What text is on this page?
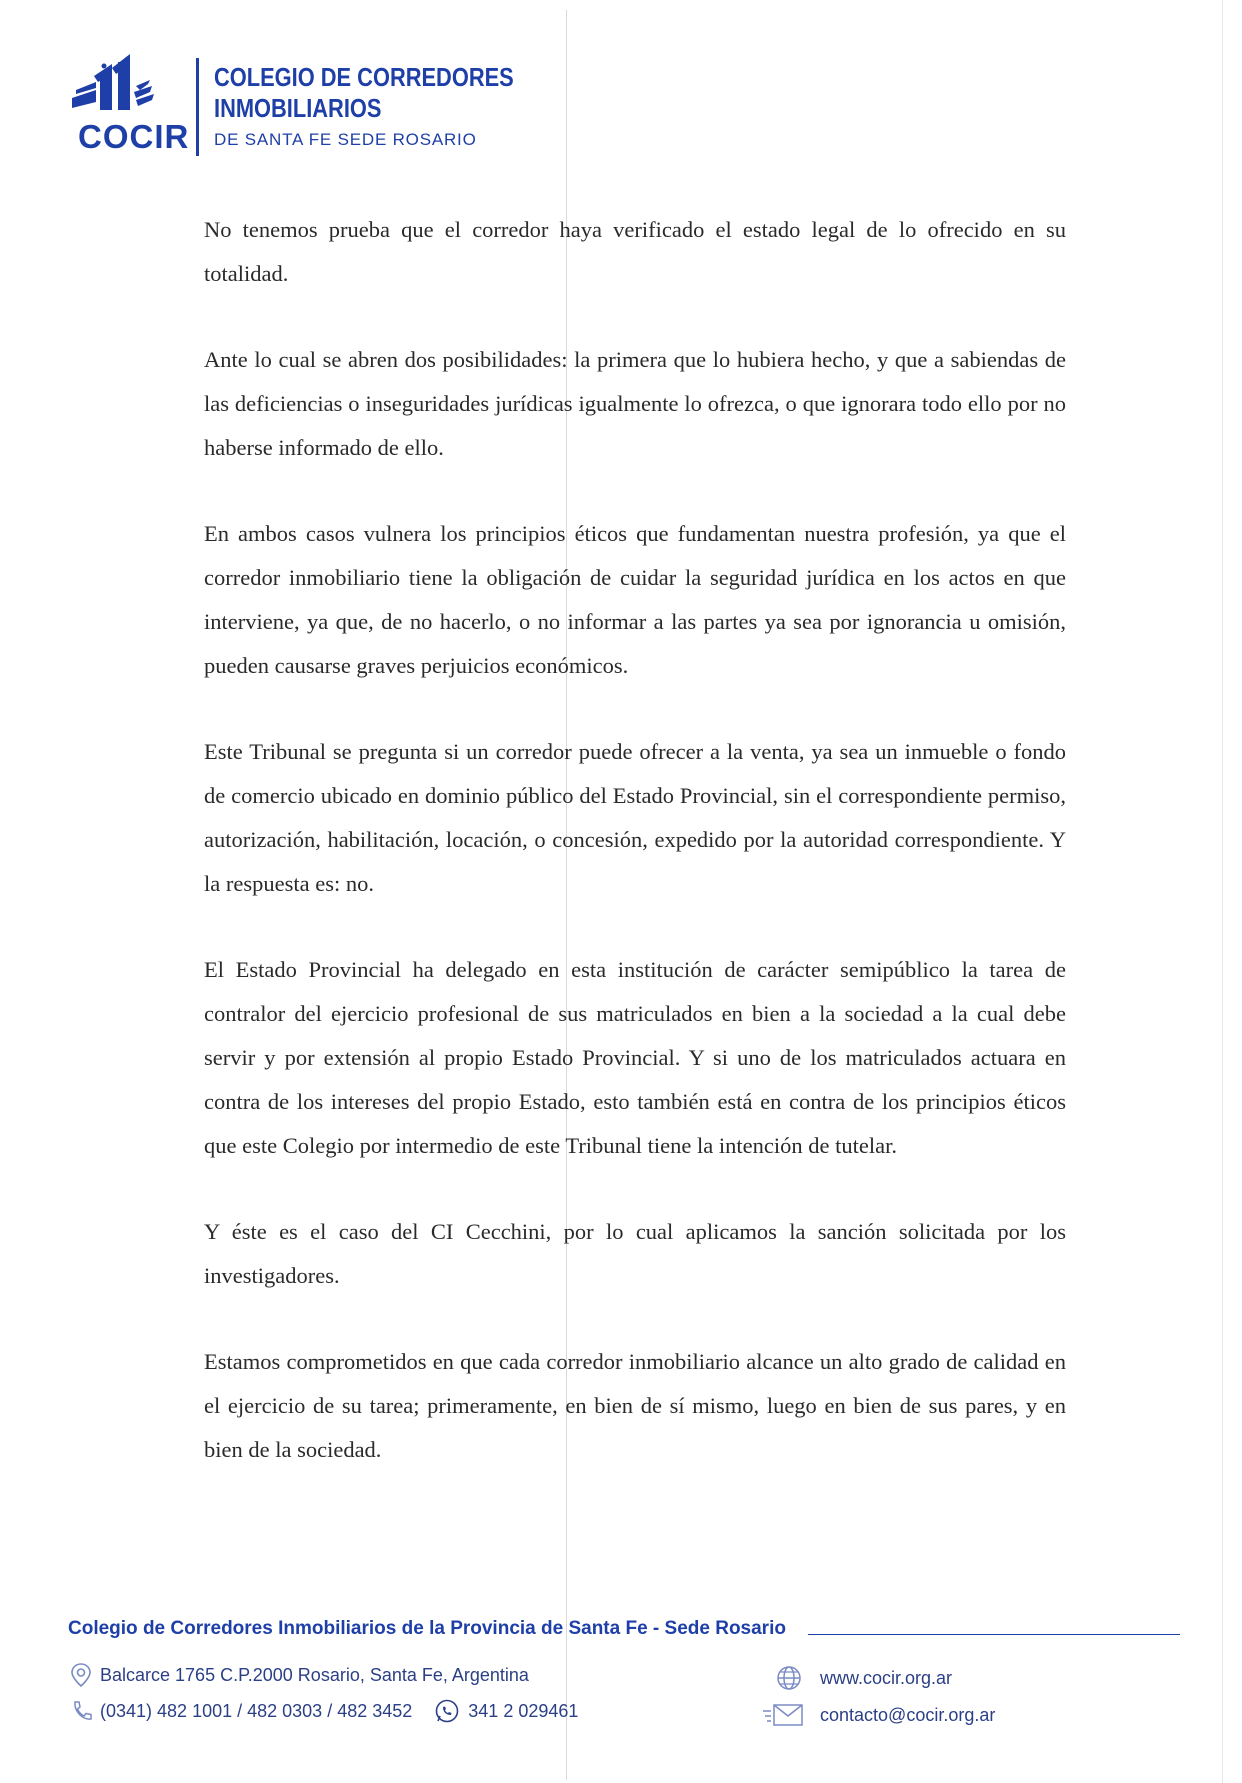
COCIR
COLEGIO DE CORREDORES
INMOBILIARIOS
DE SANTA FE SEDE ROSARIO

No tenemos prueba que el corredor haya verificado el estado legal de lo ofrecido en su totalidad.

Ante lo cual se abren dos posibilidades: la primera que lo hubiera hecho, y que a sabiendas de las deficiencias o inseguridades jurídicas igualmente lo ofrezca, o que ignorara todo ello por no haberse informado de ello.

En ambos casos vulnera los principios éticos que fundamentan nuestra profesión, ya que el corredor inmobiliario tiene la obligación de cuidar la seguridad jurídica en los actos en que interviene, ya que, de no hacerlo, o no informar a las partes ya sea por ignorancia u omisión, pueden causarse graves perjuicios económicos.

Este Tribunal se pregunta si un corredor puede ofrecer a la venta, ya sea un inmueble o fondo de comercio ubicado en dominio público del Estado Provincial, sin el correspondiente permiso, autorización, habilitación, locación, o concesión, expedido por la autoridad correspondiente. Y la respuesta es: no.

El Estado Provincial ha delegado en esta institución de carácter semipúblico la tarea de contralor del ejercicio profesional de sus matriculados en bien a la sociedad a la cual debe servir y por extensión al propio Estado Provincial. Y si uno de los matriculados actuara en contra de los intereses del propio Estado, esto también está en contra de los principios éticos que este Colegio por intermedio de este Tribunal tiene la intención de tutelar.

Y éste es el caso del CI Cecchini, por lo cual aplicamos la sanción solicitada por los investigadores.

Estamos comprometidos en que cada corredor inmobiliario alcance un alto grado de calidad en el ejercicio de su tarea; primeramente, en bien de sí mismo, luego en bien de sus pares, y en bien de la sociedad.

Colegio de Corredores Inmobiliarios de la Provincia de Santa Fe - Sede Rosario
Balcarce 1765 C.P.2000 Rosario, Santa Fe, Argentina
(0341) 482 1001 / 482 0303 / 482 3452	341 2 029461
www.cocir.org.ar
contacto@cocir.org.ar
